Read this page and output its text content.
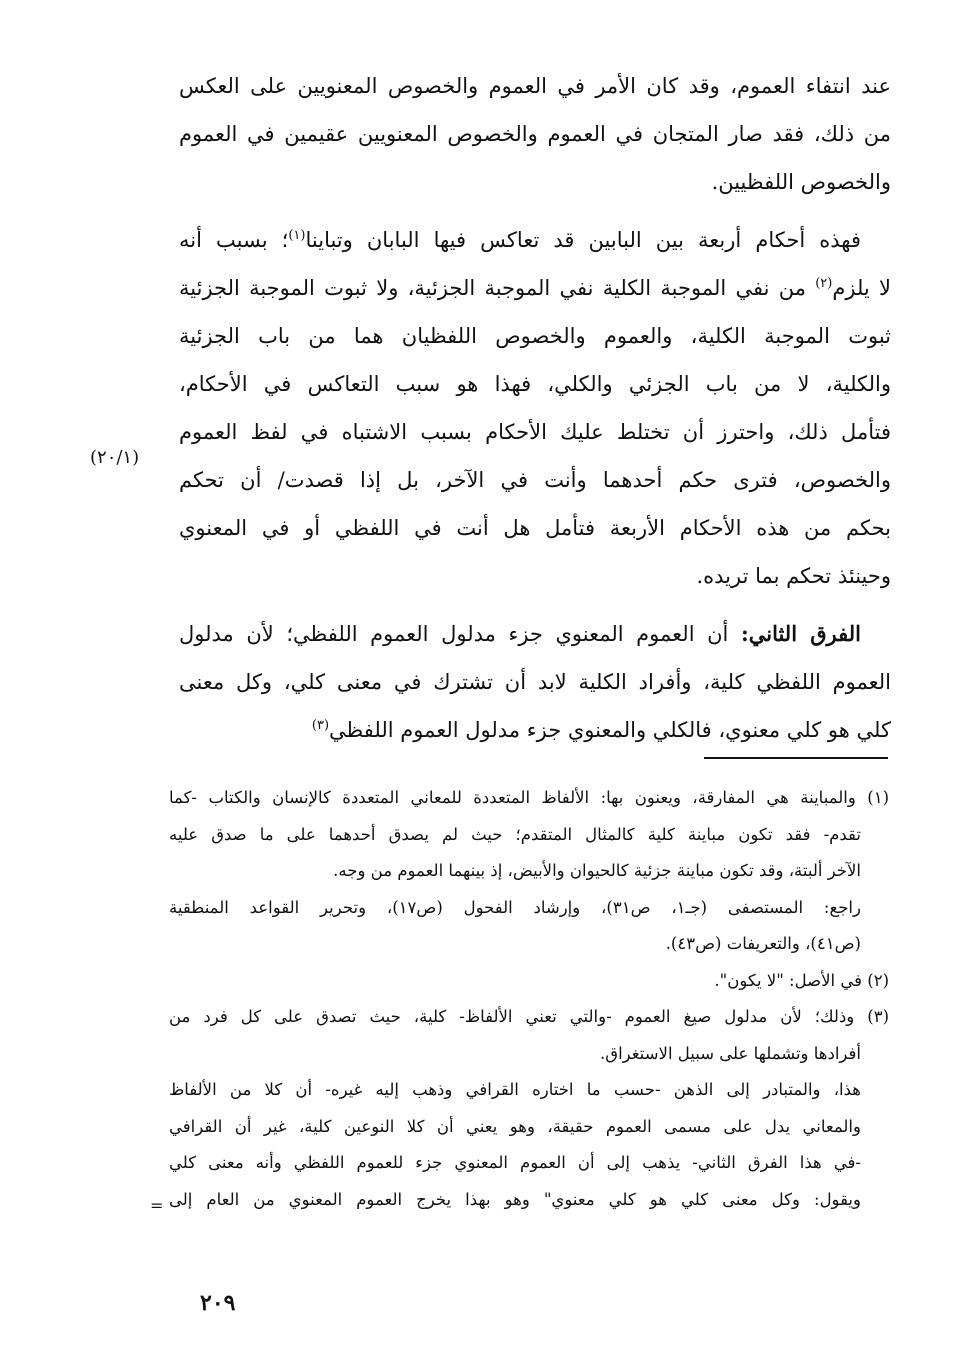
عند انتفاء العموم، وقد كان الأمر في العموم والخصوص المعنويين على العكس
من ذلك، فقد صار المتجان في العموم والخصوص المعنويين عقيمين في العموم
والخصوص اللفظيين.
فهذه أحكام أربعة بين البابين قد تعاكس فيها البابان وتباينا$^{(١)}$؛ بسبب أنه
لا يلزم$^{(٢)}$ من نفي الموجبة الكلية نفي الموجبة الجزئية، ولا ثبوت الموجبة الجزئية
ثبوت الموجبة الكلية، والعموم والخصوص اللفظيان هما من باب الجزئية
والكلية، لا من باب الجزئي والكلي، فهذا هو سبب التعاكس في الأحكام،
فتأمل ذلك، واحترز أن تختلط عليك الأحكام بسبب الاشتباه في لفظ العموم
والخصوص، فترى حكم أحدهما وأنت في الآخر، بل إذا قصدت/ أن تحكم
بحكم من هذه الأحكام الأربعة فتأمل هل أنت في اللفظي أو في المعنوي
وحينئذ تحكم بما تريده.
الفرق الثاني: أن العموم المعنوي جزء مدلول العموم اللفظي؛ لأن مدلول
العموم اللفظي كلية، وأفراد الكلية لابد أن تشترك في معنى كلي، وكل معنى
كلي هو كلي معنوي، فالكلي والمعنوي جزء مدلول العموم اللفظي$^{(٣)}$
(٢٠/١)
(١) والمباينة هي المفارقة، ويعنون بها: الألفاظ المتعددة للمعاني المتعددة كالإنسان والكتاب -كما
تقدم- فقد تكون مباينة كلية كالمثال المتقدم؛ حيث لم يصدق أحدهما على ما صدق عليه
الآخر ألبتة، وقد تكون مباينة جزئية كالحيوان والأبيض، إذ بينهما العموم من وجه.
راجع: المستصفى (جـ١، ص٣١)، وإرشاد الفحول (ص١٧)، وتحرير القواعد المنطقية
(ص٤١)، والتعريفات (ص٤٣).
(٢) في الأصل: "لا يكون".
(٣) وذلك؛ لأن مدلول صيغ العموم -والتي تعني الألفاظ- كلية، حيث تصدق على كل فرد من
أفرادها وتشملها على سبيل الاستغراق.
هذا، والمتبادر إلى الذهن -حسب ما اختاره القرافي وذهب إليه غيره- أن كلا من الألفاظ
والمعاني يدل على مسمى العموم حقيقة، وهو يعني أن كلا النوعين كلية، غير أن القرافي
-في هذا الفرق الثاني- يذهب إلى أن العموم المعنوي جزء للعموم اللفظي وأنه معنى كلي
ويقول: وكل معنى كلي هو كلي معنوي" وهو بهذا يخرج العموم المعنوي من العام إلى
=
٢٠٩
